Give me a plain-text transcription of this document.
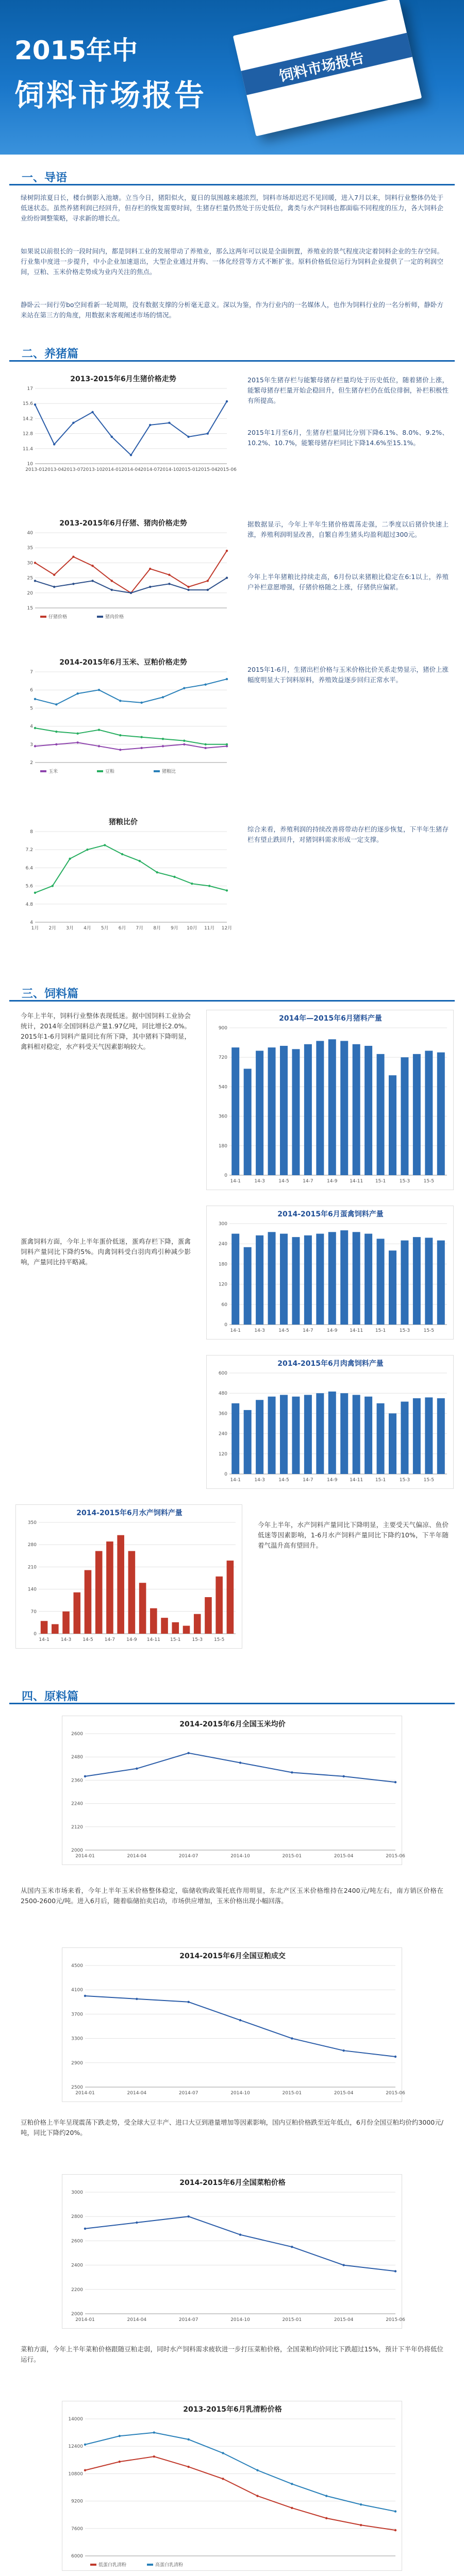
2015年中
饲料市场报告
饲料市场报告
一、导语
绿树阴浓夏日长，楼台倒影入池塘。立当今日，猪阳似火，夏日的氛围越来越浓烈，饲料市场却迟迟不见回暖，进入7月以来，饲料行业整体仍处于低迷状态。虽然养猪利润已经回升，但存栏的恢复需要时间，生猪存栏量仍然处于历史低位，禽类与水产饲料也都面临不同程度的压力，各大饲料企业纷纷调整策略，寻求新的增长点。
如果说以前很长的一段时间内，都是饲料工业的发展带动了养殖业，那么这两年可以说是全面倒置，养殖业的景气程度决定着饲料企业的生存空间。行业集中度进一步提升，中小企业加速退出，大型企业通过并购、一体化经营等方式不断扩张。原料价格低位运行为饲料企业提供了一定的利润空间，豆粕、玉米价格走势成为业内关注的焦点。
静卧云一间行劳bo空间看新一轮周期，没有数据支撑的分析毫无意义。深以为鉴，作为行业内的一名媒体人，也作为饲料行业的一名分析师，静卧方来站在第三方的角度，用数据来客观阐述市场的情况。
二、养猪篇
2013-2015年6月生猪价格走势
10
11.4
12.8
14.2
15.6
17
2013-01 2013-04 2013-07 2013-10 2014-01 2014-04 2014-07 2014-10 2015-01 2015-04 2015-06
2015年生猪存栏与能繁母猪存栏量均处于历史低位，随着猪价上涨，能繁母猪存栏量开始企稳回升，但生猪存栏仍在低位徘徊，补栏积极性有所提高。
2015年1月至6月，生猪存栏量同比分别下降6.1%、8.0%、9.2%、10.2%、10.7%，能繁母猪存栏同比下降14.6%至15.1%。
2013-2015年6月仔猪、猪肉价格走势
15
20
25
30
35
40
仔猪价格	猪肉价格
据数据显示，今年上半年生猪价格震荡走强，二季度以后猪价快速上涨，养殖利润明显改善，自繁自养生猪头均盈利超过300元。
今年上半年猪粮比持续走高，6月份以来猪粮比稳定在6:1以上，养殖户补栏意愿增强，仔猪价格随之上涨，仔猪供应偏紧。
2014-2015年6月玉米、豆粕价格走势
2
3
4
5
6
7
玉米	豆粕	猪粮比
2015年1-6月，生猪出栏价格与玉米价格比价关系走势显示，猪价上涨幅度明显大于饲料原料，养殖效益逐步回归正常水平。
猪粮比价
4
4.8
5.6
6.4
7.2
8
1月 2月 3月 4月 5月 6月 7月 8月 9月 10月 11月 12月
综合来看，养殖利润的持续改善将带动存栏的逐步恢复，下半年生猪存栏有望止跌回升，对猪饲料需求形成一定支撑。
三、饲料篇
今年上半年，饲料行业整体表现低迷。据中国饲料工业协会统计，2014年全国饲料总产量1.97亿吨，同比增长2.0%。2015年1-6月饲料产量同比有所下降，其中猪料下降明显，禽料相对稳定，水产料受天气因素影响较大。
2014年—2015年6月猪料产量
0
180
360
540
720
900
14-1	14-3	14-5	14-7	14-9	14-11	15-1	15-3	15-5
2014-2015年6月蛋禽饲料产量
0
60
120
180
240
300
14-1	14-3	14-5	14-7	14-9	14-11	15-1	15-3	15-5
蛋禽饲料方面，今年上半年蛋价低迷，蛋鸡存栏下降，蛋禽饲料产量同比下降约5%。肉禽饲料受白羽肉鸡引种减少影响，产量同比持平略减。
2014-2015年6月肉禽饲料产量
0
120
240
360
480
600
14-1	14-3	14-5	14-7	14-9	14-11	15-1	15-3	15-5
2014-2015年6月水产饲料产量
0
70
140
210
280
350
14-1 14-3 14-5 14-7 14-9 14-11 15-1 15-3 15-5
今年上半年，水产饲料产量同比下降明显，主要受天气偏凉、鱼价低迷等因素影响，1-6月水产饲料产量同比下降约10%，下半年随着气温升高有望回升。
四、原料篇
2014-2015年6月全国玉米均价
2000
2120
2240
2360
2480
2600
2014-01	2014-04	2014-07	2014-10	2015-01	2015-04	2015-06
从国内玉米市场来看，今年上半年玉米价格整体稳定，临储收购政策托底作用明显，东北产区玉米价格维持在2400元/吨左右，南方销区价格在2500-2600元/吨。进入6月后，随着临储拍卖启动，市场供应增加，玉米价格出现小幅回落。
2014-2015年6月全国豆粕成交
2500
2900
3300
3700
4100
4500
2014-01	2014-04	2014-07	2014-10	2015-01	2015-04	2015-06
豆粕价格上半年呈现震荡下跌走势，受全球大豆丰产、进口大豆到港量增加等因素影响，国内豆粕价格跌至近年低点，6月份全国豆粕均价约3000元/吨，同比下降约20%。
2014-2015年6月全国菜粕价格
2000
2200
2400
2600
2800
3000
2014-01	2014-04	2014-07	2014-10	2015-01	2015-04	2015-06
菜粕方面，今年上半年菜粕价格跟随豆粕走弱，同时水产饲料需求疲软进一步打压菜粕价格，全国菜粕均价同比下跌超过15%，预计下半年仍将低位运行。
2013-2015年6月乳清粉价格
6000
7600
9200
10800
12400
14000
低蛋白乳清粉	高蛋白乳清粉
